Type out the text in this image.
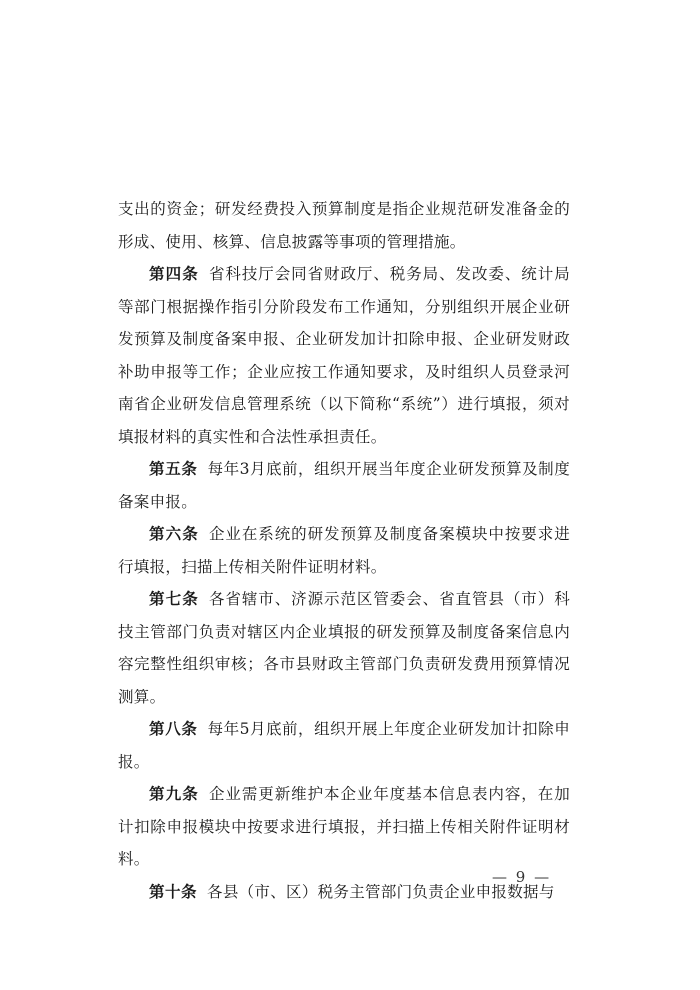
支出的资金；研发经费投入预算制度是指企业规范研发准备金的形成、使用、核算、信息披露等事项的管理措施。

第四条 省科技厅会同省财政厅、税务局、发改委、统计局等部门根据操作指引分阶段发布工作通知，分别组织开展企业研发预算及制度备案申报、企业研发加计扣除申报、企业研发财政补助申报等工作；企业应按工作通知要求，及时组织人员登录河南省企业研发信息管理系统（以下简称“系统”）进行填报，须对填报材料的真实性和合法性承担责任。

第五条 每年3月底前，组织开展当年度企业研发预算及制度备案申报。

第六条 企业在系统的研发预算及制度备案模块中按要求进行填报，扫描上传相关附件证明材料。

第七条 各省辖市、济源示范区管委会、省直管县（市）科技主管部门负责对辖区内企业填报的研发预算及制度备案信息内容完整性组织审核；各市县财政主管部门负责研发费用预算情况测算。

第八条 每年5月底前，组织开展上年度企业研发加计扣除申报。

第九条 企业需更新维护本企业年度基本信息表内容，在加计扣除申报模块中按要求进行填报，并扫描上传相关附件证明材料。

第十条 各县（市、区）税务主管部门负责企业申报数据与

— 9 —
